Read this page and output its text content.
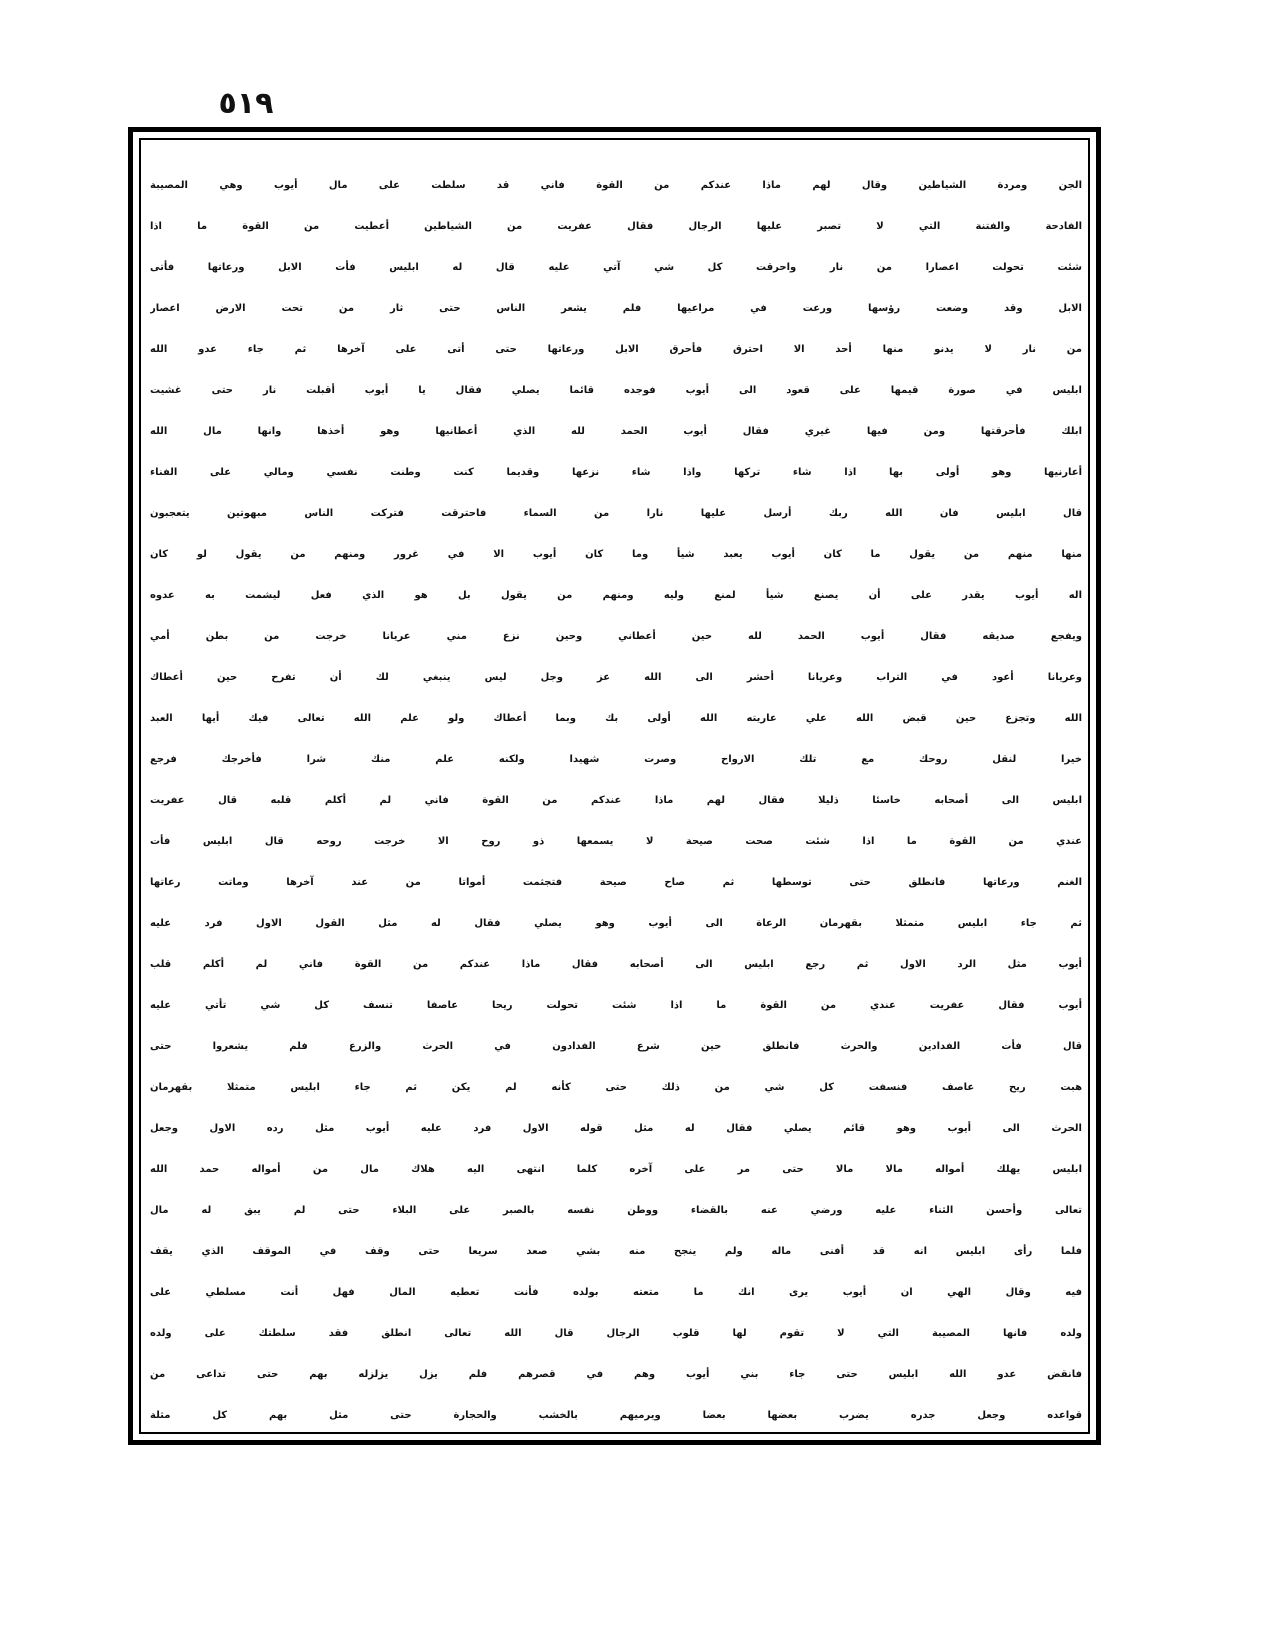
٥١٩
الجن ومردة الشياطين وقال لهم ماذا عندكم من القوة فاني قد سلطت على مال أيوب وهي المصيبة
الفادحة والفتنة التي لا تصبر عليها الرجال فقال عفريت من الشياطين أعطيت من القوة ما اذا
شئت تحولت اعصارا من نار واحرقت كل شي آتي عليه قال له ابليس فأت الابل ورعاتها فأتى
الابل وقد وضعت رؤسها ورعت في مراعيها فلم يشعر الناس حتى ثار من تحت الارض اعصار
من نار لا يدنو منها أحد الا احترق فأحرق الابل ورعاتها حتى أتى على آخرها ثم جاء عدو الله
ابليس في صورة قيمها على قعود الى أيوب فوجده قائما يصلي فقال يا أيوب أقبلت نار حتى غشيت
ابلك فأحرقتها ومن فيها غيري فقال أيوب الحمد لله الذي أعطانيها وهو أخذها وانها مال الله
أعارنيها وهو أولى بها اذا شاء تركها واذا شاء نزعها وقديما كنت وطنت نفسي ومالي على الفناء
قال ابليس فان الله ربك أرسل عليها نارا من السماء فاحترقت فتركت الناس مبهوتين يتعجبون
منها منهم من يقول ما كان أيوب يعبد شيأ وما كان أيوب الا في غرور ومنهم من يقول لو كان
اله أيوب يقدر على أن يصنع شيأ لمنع وليه ومنهم من يقول بل هو الذي فعل ليشمت به عدوه
ويفجع صديقه فقال أيوب الحمد لله حين أعطاني وحين نزع مني عريانا خرجت من بطن أمي
وعريانا أعود في التراب وعريانا أحشر الى الله عز وجل ليس ينبغي لك أن تفرح حين أعطاك
الله وتجزع حين قبض الله علي عاريته الله أولى بك وبما أعطاك ولو علم الله تعالى فيك أيها العبد
خيرا لنقل روحك مع تلك الارواح وصرت شهيدا ولكنه علم منك شرا فأخرجك فرجع
ابليس الى أصحابه خاسئا ذليلا فقال لهم ماذا عندكم من القوة فاني لم أكلم قلبه قال عفريت
عندي من القوة ما اذا شئت صحت صيحة لا يسمعها ذو روح الا خرجت روحه قال ابليس فأت
الغنم ورعاتها فانطلق حتى توسطها ثم صاح صيحة فتجثمت أمواتا من عند آخرها وماتت رعاتها
ثم جاء ابليس متمثلا بقهرمان الرعاة الى أيوب وهو يصلي فقال له مثل القول الاول فرد عليه
أيوب مثل الرد الاول ثم رجع ابليس الى أصحابه فقال ماذا عندكم من القوة فاني لم أكلم قلب
أيوب فقال عفريت عندي من القوة ما اذا شئت تحولت ريحا عاصفا تنسف كل شي تأتي عليه
قال فأت الفدادين والحرث فانطلق حين شرع الفدادون في الحرث والزرع فلم يشعروا حتى
هبت ريح عاصف فنسفت كل شي من ذلك حتى كأنه لم يكن ثم جاء ابليس متمثلا بقهرمان
الحرث الى أيوب وهو قائم يصلي فقال له مثل قوله الاول فرد عليه أيوب مثل رده الاول وجعل
ابليس يهلك أمواله مالا مالا حتى مر على آخره كلما انتهى اليه هلاك مال من أمواله حمد الله
تعالى وأحسن الثناء عليه ورضي عنه بالقضاء ووطن نفسه بالصبر على البلاء حتى لم يبق له مال
فلما رأى ابليس انه قد أفنى ماله ولم ينجح منه بشي صعد سريعا حتى وقف في الموقف الذي يقف
فيه وقال الهي ان أيوب يرى انك ما متعته بولده فأنت تعطيه المال فهل أنت مسلطي على
ولده فانها المصيبة التي لا تقوم لها قلوب الرجال قال الله تعالى انطلق فقد سلطتك على ولده
فانقض عدو الله ابليس حتى جاء بني أيوب وهم في قصرهم فلم يزل يزلزله بهم حتى تداعى من
قواعده وجعل جدره يضرب بعضها بعضا ويرميهم بالخشب والحجارة حتى مثل بهم كل مثلة
